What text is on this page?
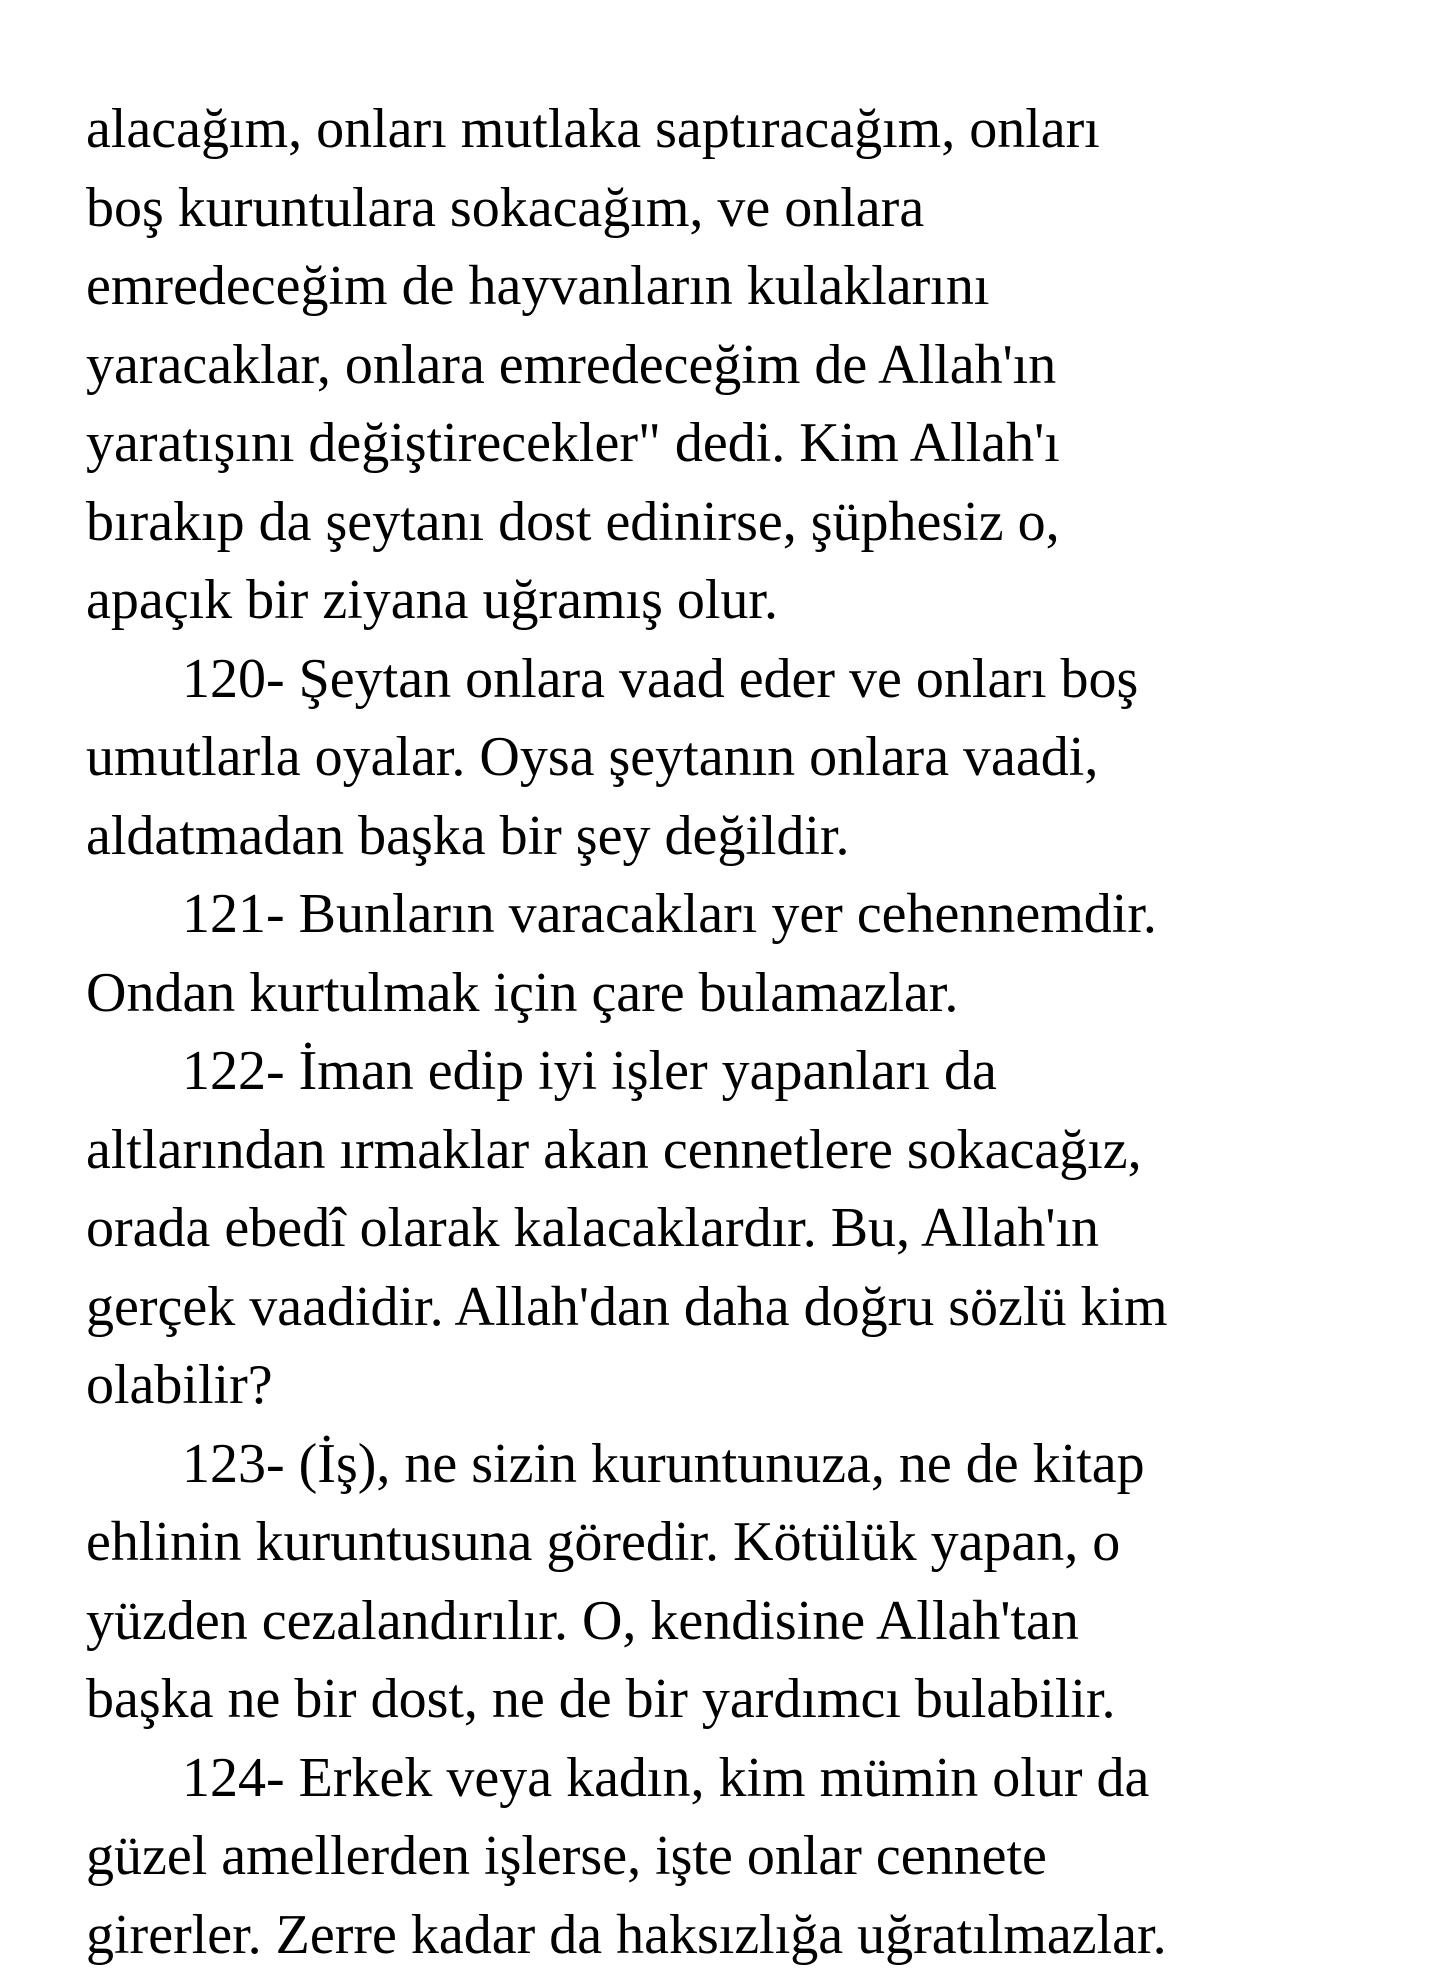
alacağım, onları mutlaka saptıracağım, onları
boş kuruntulara sokacağım, ve onlara
emredeceğim de hayvanların kulaklarını
yaracaklar, onlara emredeceğim de Allah'ın
yaratışını değiştirecekler" dedi. Kim Allah'ı
bırakıp da şeytanı dost edinirse, şüphesiz o,
apaçık bir ziyana uğramış olur.
120- Şeytan onlara vaad eder ve onları boş
umutlarla oyalar. Oysa şeytanın onlara vaadi,
aldatmadan başka bir şey değildir.
121- Bunların varacakları yer cehennemdir.
Ondan kurtulmak için çare bulamazlar.
122- İman edip iyi işler yapanları da
altlarından ırmaklar akan cennetlere sokacağız,
orada ebedî olarak kalacaklardır. Bu, Allah'ın
gerçek vaadidir. Allah'dan daha doğru sözlü kim
olabilir?
123- (İş), ne sizin kuruntunuza, ne de kitap
ehlinin kuruntusuna göredir. Kötülük yapan, o
yüzden cezalandırılır. O, kendisine Allah'tan
başka ne bir dost, ne de bir yardımcı bulabilir.
124- Erkek veya kadın, kim mümin olur da
güzel amellerden işlerse, işte onlar cennete
girerler. Zerre kadar da haksızlığa uğratılmazlar.
